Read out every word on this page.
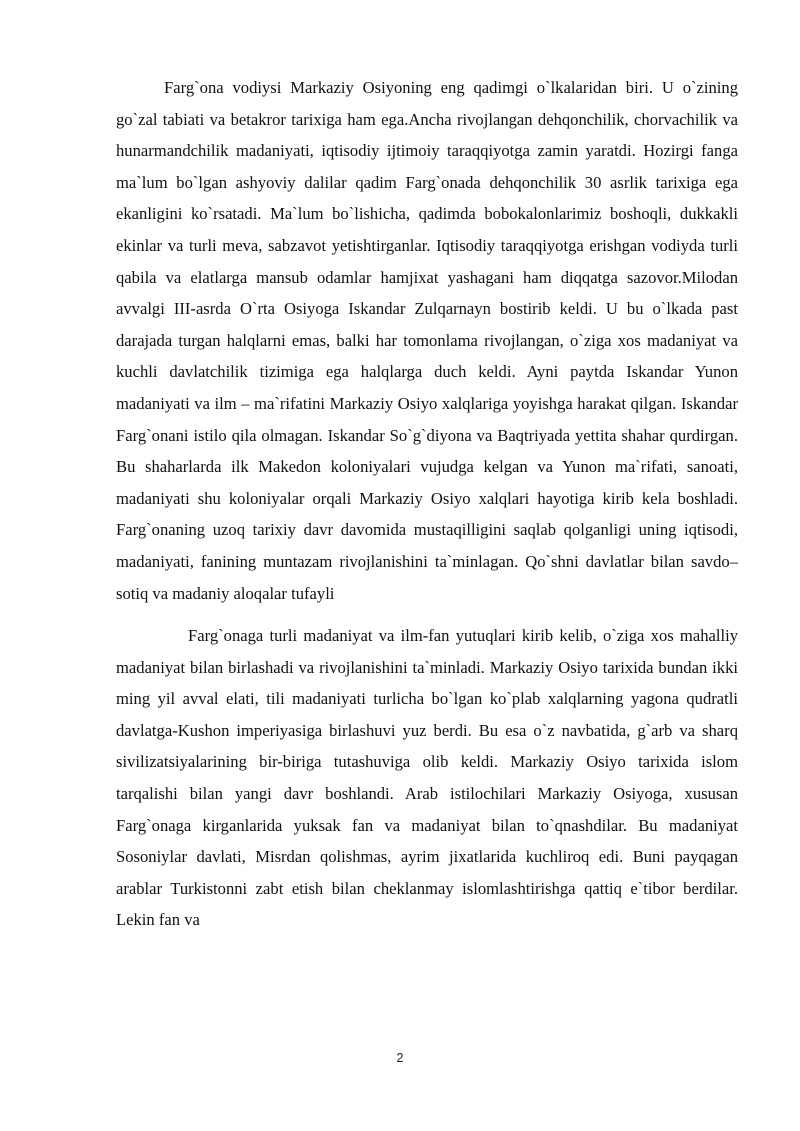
Farg`ona vodiysi Markaziy Osiyoning eng qadimgi o`lkalaridan biri. U o`zining go`zal tabiati va betakror tarixiga ham ega.Ancha rivojlangan dehqonchilik, chorvachilik va hunarmandchilik madaniyati, iqtisodiy ijtimoiy taraqqiyotga zamin yaratdi. Hozirgi fanga ma`lum bo`lgan ashyoviy dalilar qadim Farg`onada dehqonchilik 30 asrlik tarixiga ega ekanligini ko`rsatadi. Ma`lum bo`lishicha, qadimda bobokalonlarimiz boshoqli, dukkakli ekinlar va turli meva, sabzavot yetishtirganlar. Iqtisodiy taraqqiyotga erishgan vodiyda turli qabila va elatlarga mansub odamlar hamjixat yashagani ham diqqatga sazovor.Milodan avvalgi III-asrda O`rta Osiyoga Iskandar Zulqarnayn bostirib keldi. U bu o`lkada past darajada turgan halqlarni emas, balki har tomonlama rivojlangan, o`ziga xos madaniyat va kuchli davlatchilik tizimiga ega halqlarga duch keldi. Ayni paytda Iskandar Yunon madaniyati va ilm – ma`rifatini Markaziy Osiyo xalqlariga yoyishga harakat qilgan. Iskandar Farg`onani istilo qila olmagan. Iskandar So`g`diyona va Baqtriyada yettita shahar qurdirgan. Bu shaharlarda ilk Makedon koloniyalari vujudga kelgan va Yunon ma`rifati, sanoati, madaniyati shu koloniyalar orqali Markaziy Osiyo xalqlari hayotiga kirib kela boshladi. Farg`onaning uzoq tarixiy davr davomida mustaqilligini saqlab qolganligi uning iqtisodi, madaniyati, fanining muntazam rivojlanishini ta`minlagan. Qo`shni davlatlar bilan savdo–sotiq va madaniy aloqalar tufayli

Farg`onaga turli madaniyat va ilm-fan yutuqlari kirib kelib, o`ziga xos mahalliy madaniyat bilan birlashadi va rivojlanishini ta`minladi. Markaziy Osiyo tarixida bundan ikki ming yil avval elati, tili madaniyati turlicha bo`lgan ko`plab xalqlarning yagona qudratli davlatga-Kushon imperiyasiga birlashuvi yuz berdi. Bu esa o`z navbatida, g`arb va sharq sivilizatsiyalarining bir-biriga tutashuviga olib keldi. Markaziy Osiyo tarixida islom tarqalishi bilan yangi davr boshlandi. Arab istilochilari Markaziy Osiyoga, xususan Farg`onaga kirganlarida yuksak fan va madaniyat bilan to`qnashdilar. Bu madaniyat Sosoniylar davlati, Misrdan qolishmas, ayrim jixatlarida kuchliroq edi. Buni payqagan arablar Turkistonni zabt etish bilan cheklanmay islomlashtirishga qattiq e`tibor berdilar. Lekin fan va

2
